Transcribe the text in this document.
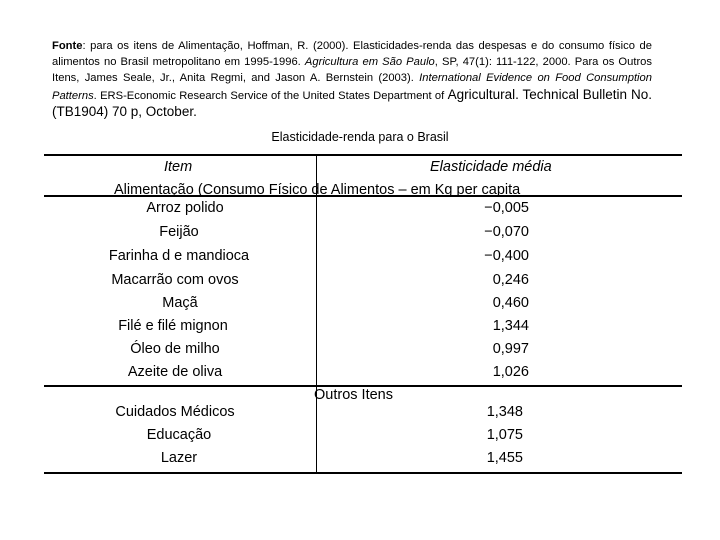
Fonte: para os itens de Alimentação, Hoffman, R. (2000). Elasticidades-renda das despesas e do consumo físico de alimentos no Brasil metropolitano em 1995-1996. Agricultura em São Paulo, SP, 47(1): 111-122, 2000. Para os Outros Itens, James Seale, Jr., Anita Regmi, and Jason A. Bernstein (2003). International Evidence on Food Consumption Patterns. ERS-Economic Research Service of the United States Department of Agricultural. Technical Bulletin No. (TB1904) 70 p, October.
Elasticidade-renda para o Brasil
Item	Elasticidade média
Alimentação (Consumo Físico de Alimentos – em Kg per capita
Arroz polido	−0,005
Feijão	−0,070
Farinha d e mandioca	−0,400
Macarrão com ovos	0,246
Maçã	0,460
Filé e filé mignon	1,344
Óleo de milho	0,997
Azeite de oliva	1,026
Outros Itens
Cuidados Médicos	1,348
Educação	1,075
Lazer	1,455
